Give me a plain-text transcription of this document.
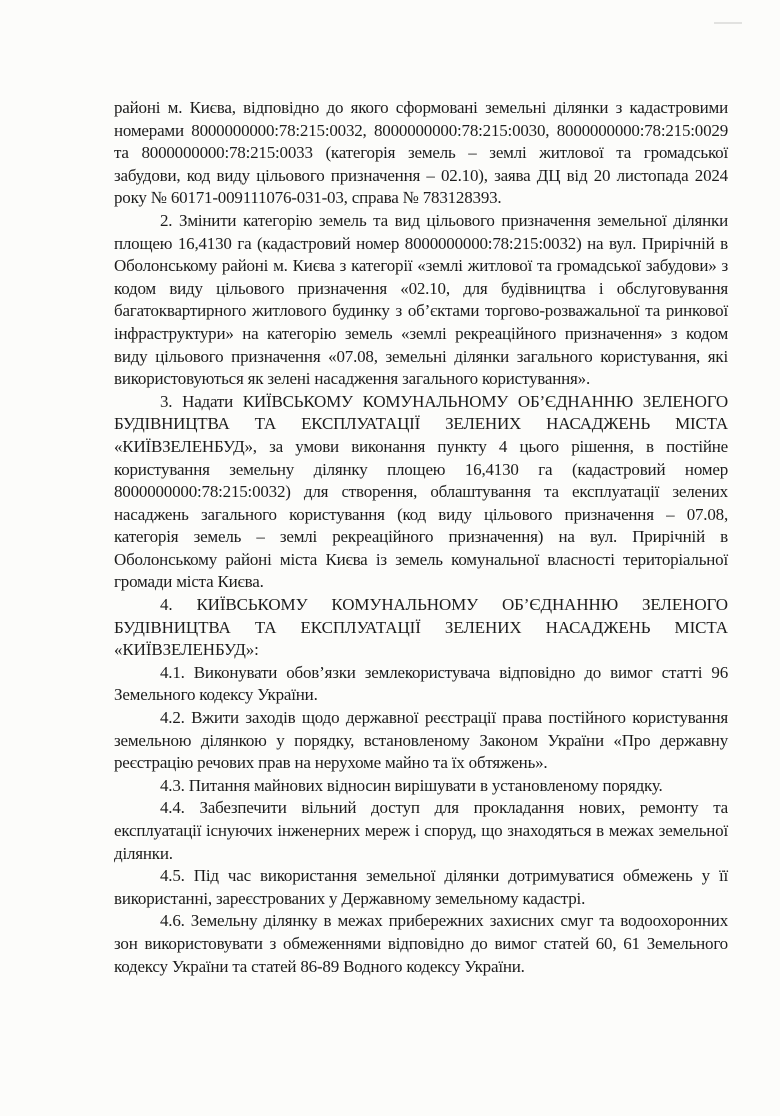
районі м. Києва, відповідно до якого сформовані земельні ділянки з кадастровими номерами 8000000000:78:215:0032, 8000000000:78:215:0030, 8000000000:78:215:0029 та 8000000000:78:215:0033 (категорія земель – землі житлової та громадської забудови, код виду цільового призначення – 02.10), заява ДЦ від 20 листопада 2024 року № 60171-009111076-031-03, справа № 783128393.

2. Змінити категорію земель та вид цільового призначення земельної ділянки площею 16,4130 га (кадастровий номер 8000000000:78:215:0032) на вул. Прирічній в Оболонському районі м. Києва з категорії «землі житлової та громадської забудови» з кодом виду цільового призначення «02.10, для будівництва і обслуговування багатоквартирного житлового будинку з об’єктами торгово-розважальної та ринкової інфраструктури» на категорію земель «землі рекреаційного призначення» з кодом виду цільового призначення «07.08, земельні ділянки загального користування, які використовуються як зелені насадження загального користування».

3. Надати КИЇВСЬКОМУ КОМУНАЛЬНОМУ ОБ’ЄДНАННЮ ЗЕЛЕНОГО БУДІВНИЦТВА ТА ЕКСПЛУАТАЦІЇ ЗЕЛЕНИХ НАСАДЖЕНЬ МІСТА «КИЇВЗЕЛЕНБУД», за умови виконання пункту 4 цього рішення, в постійне користування земельну ділянку площею 16,4130 га (кадастровий номер 8000000000:78:215:0032) для створення, облаштування та експлуатації зелених насаджень загального користування (код виду цільового призначення – 07.08, категорія земель – землі рекреаційного призначення) на вул. Прирічній в Оболонському районі міста Києва із земель комунальної власності територіальної громади міста Києва.

4. КИЇВСЬКОМУ КОМУНАЛЬНОМУ ОБ’ЄДНАННЮ ЗЕЛЕНОГО БУДІВНИЦТВА ТА ЕКСПЛУАТАЦІЇ ЗЕЛЕНИХ НАСАДЖЕНЬ МІСТА «КИЇВЗЕЛЕНБУД»:

4.1. Виконувати обов’язки землекористувача відповідно до вимог статті 96 Земельного кодексу України.

4.2. Вжити заходів щодо державної реєстрації права постійного користування земельною ділянкою у порядку, встановленому Законом України «Про державну реєстрацію речових прав на нерухоме майно та їх обтяжень».

4.3. Питання майнових відносин вирішувати в установленому порядку.

4.4. Забезпечити вільний доступ для прокладання нових, ремонту та експлуатації існуючих інженерних мереж і споруд, що знаходяться в межах земельної ділянки.

4.5. Під час використання земельної ділянки дотримуватися обмежень у її використанні, зареєстрованих у Державному земельному кадастрі.

4.6. Земельну ділянку в межах прибережних захисних смуг та водоохоронних зон використовувати з обмеженнями відповідно до вимог статей 60, 61 Земельного кодексу України та статей 86-89 Водного кодексу України.
